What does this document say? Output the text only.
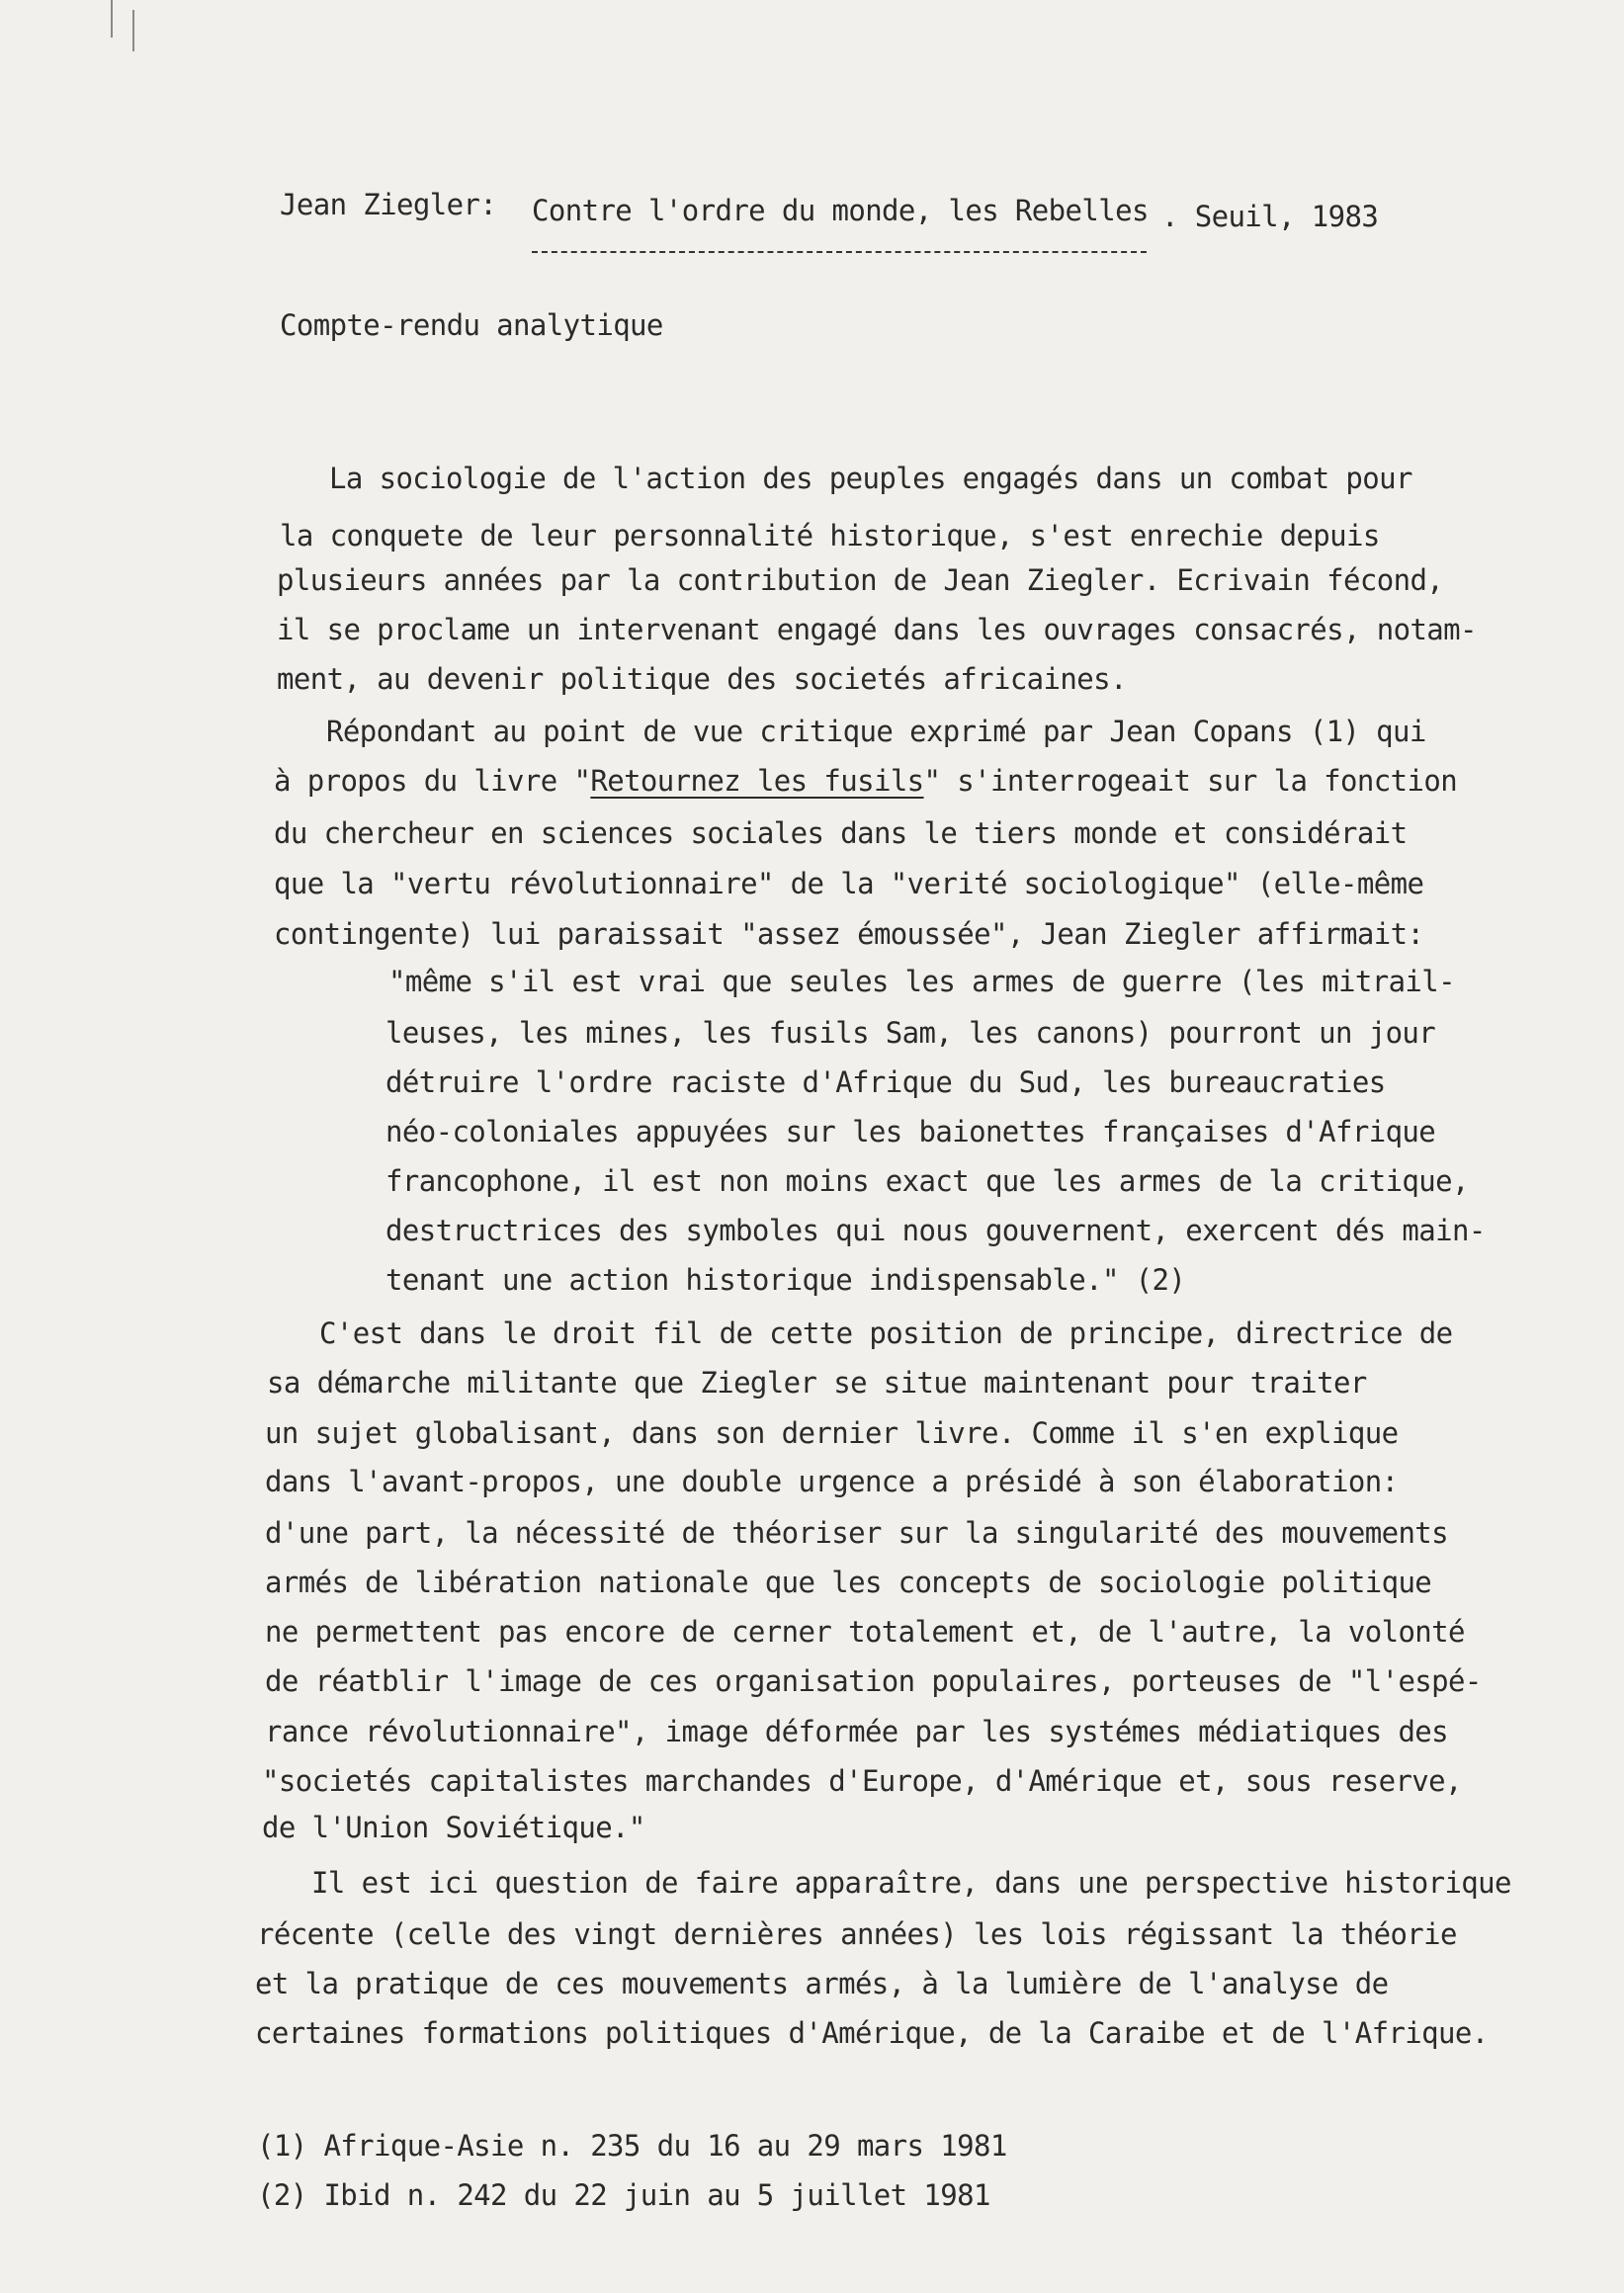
Jean Ziegler: Contre l'ordre du monde, les Rebelles . Seuil, 1983
Compte-rendu analytique
La sociologie de l'action des peuples engagés dans un combat pour
la conquete de leur personnalité historique, s'est enrechie depuis
plusieurs années par la contribution de Jean Ziegler. Ecrivain fécond,
il se proclame un intervenant engagé dans les ouvrages consacrés, notam-
ment, au devenir politique des societés africaines.
Répondant au point de vue critique exprimé par Jean Copans (1) qui
à propos du livre "Retournez les fusils" s'interrogeait sur la fonction
du chercheur en sciences sociales dans le tiers monde et considérait
que la "vertu révolutionnaire" de la "verité sociologique" (elle-même
contingente) lui paraissait "assez émoussée", Jean Ziegler affirmait:
"même s'il est vrai que seules les armes de guerre (les mitrail-
leuses, les mines, les fusils Sam, les canons) pourront un jour
détruire l'ordre raciste d'Afrique du Sud, les bureaucraties
néo-coloniales appuyées sur les baionettes françaises d'Afrique
francophone, il est non moins exact que les armes de la critique,
destructrices des symboles qui nous gouvernent, exercent dés main-
tenant une action historique indispensable." (2)
C'est dans le droit fil de cette position de principe, directrice de
sa démarche militante que Ziegler se situe maintenant pour traiter
un sujet globalisant, dans son dernier livre. Comme il s'en explique
dans l'avant-propos, une double urgence a présidé à son élaboration:
d'une part, la nécessité de théoriser sur la singularité des mouvements
armés de libération nationale que les concepts de sociologie politique
ne permettent pas encore de cerner totalement et, de l'autre, la volonté
de réatblir l'image de ces organisation populaires, porteuses de "l'espé-
rance révolutionnaire", image déformée par les systémes médiatiques des
"societés capitalistes marchandes d'Europe, d'Amérique et, sous reserve,
de l'Union Soviétique."
Il est ici question de faire apparaître, dans une perspective historique
récente (celle des vingt dernières années) les lois régissant la théorie
et la pratique de ces mouvements armés, à la lumière de l'analyse de
certaines formations politiques d'Amérique, de la Caraibe et de l'Afrique.
(1) Afrique-Asie n. 235 du 16 au 29 mars 1981
(2) Ibid n. 242 du 22 juin au 5 juillet 1981
